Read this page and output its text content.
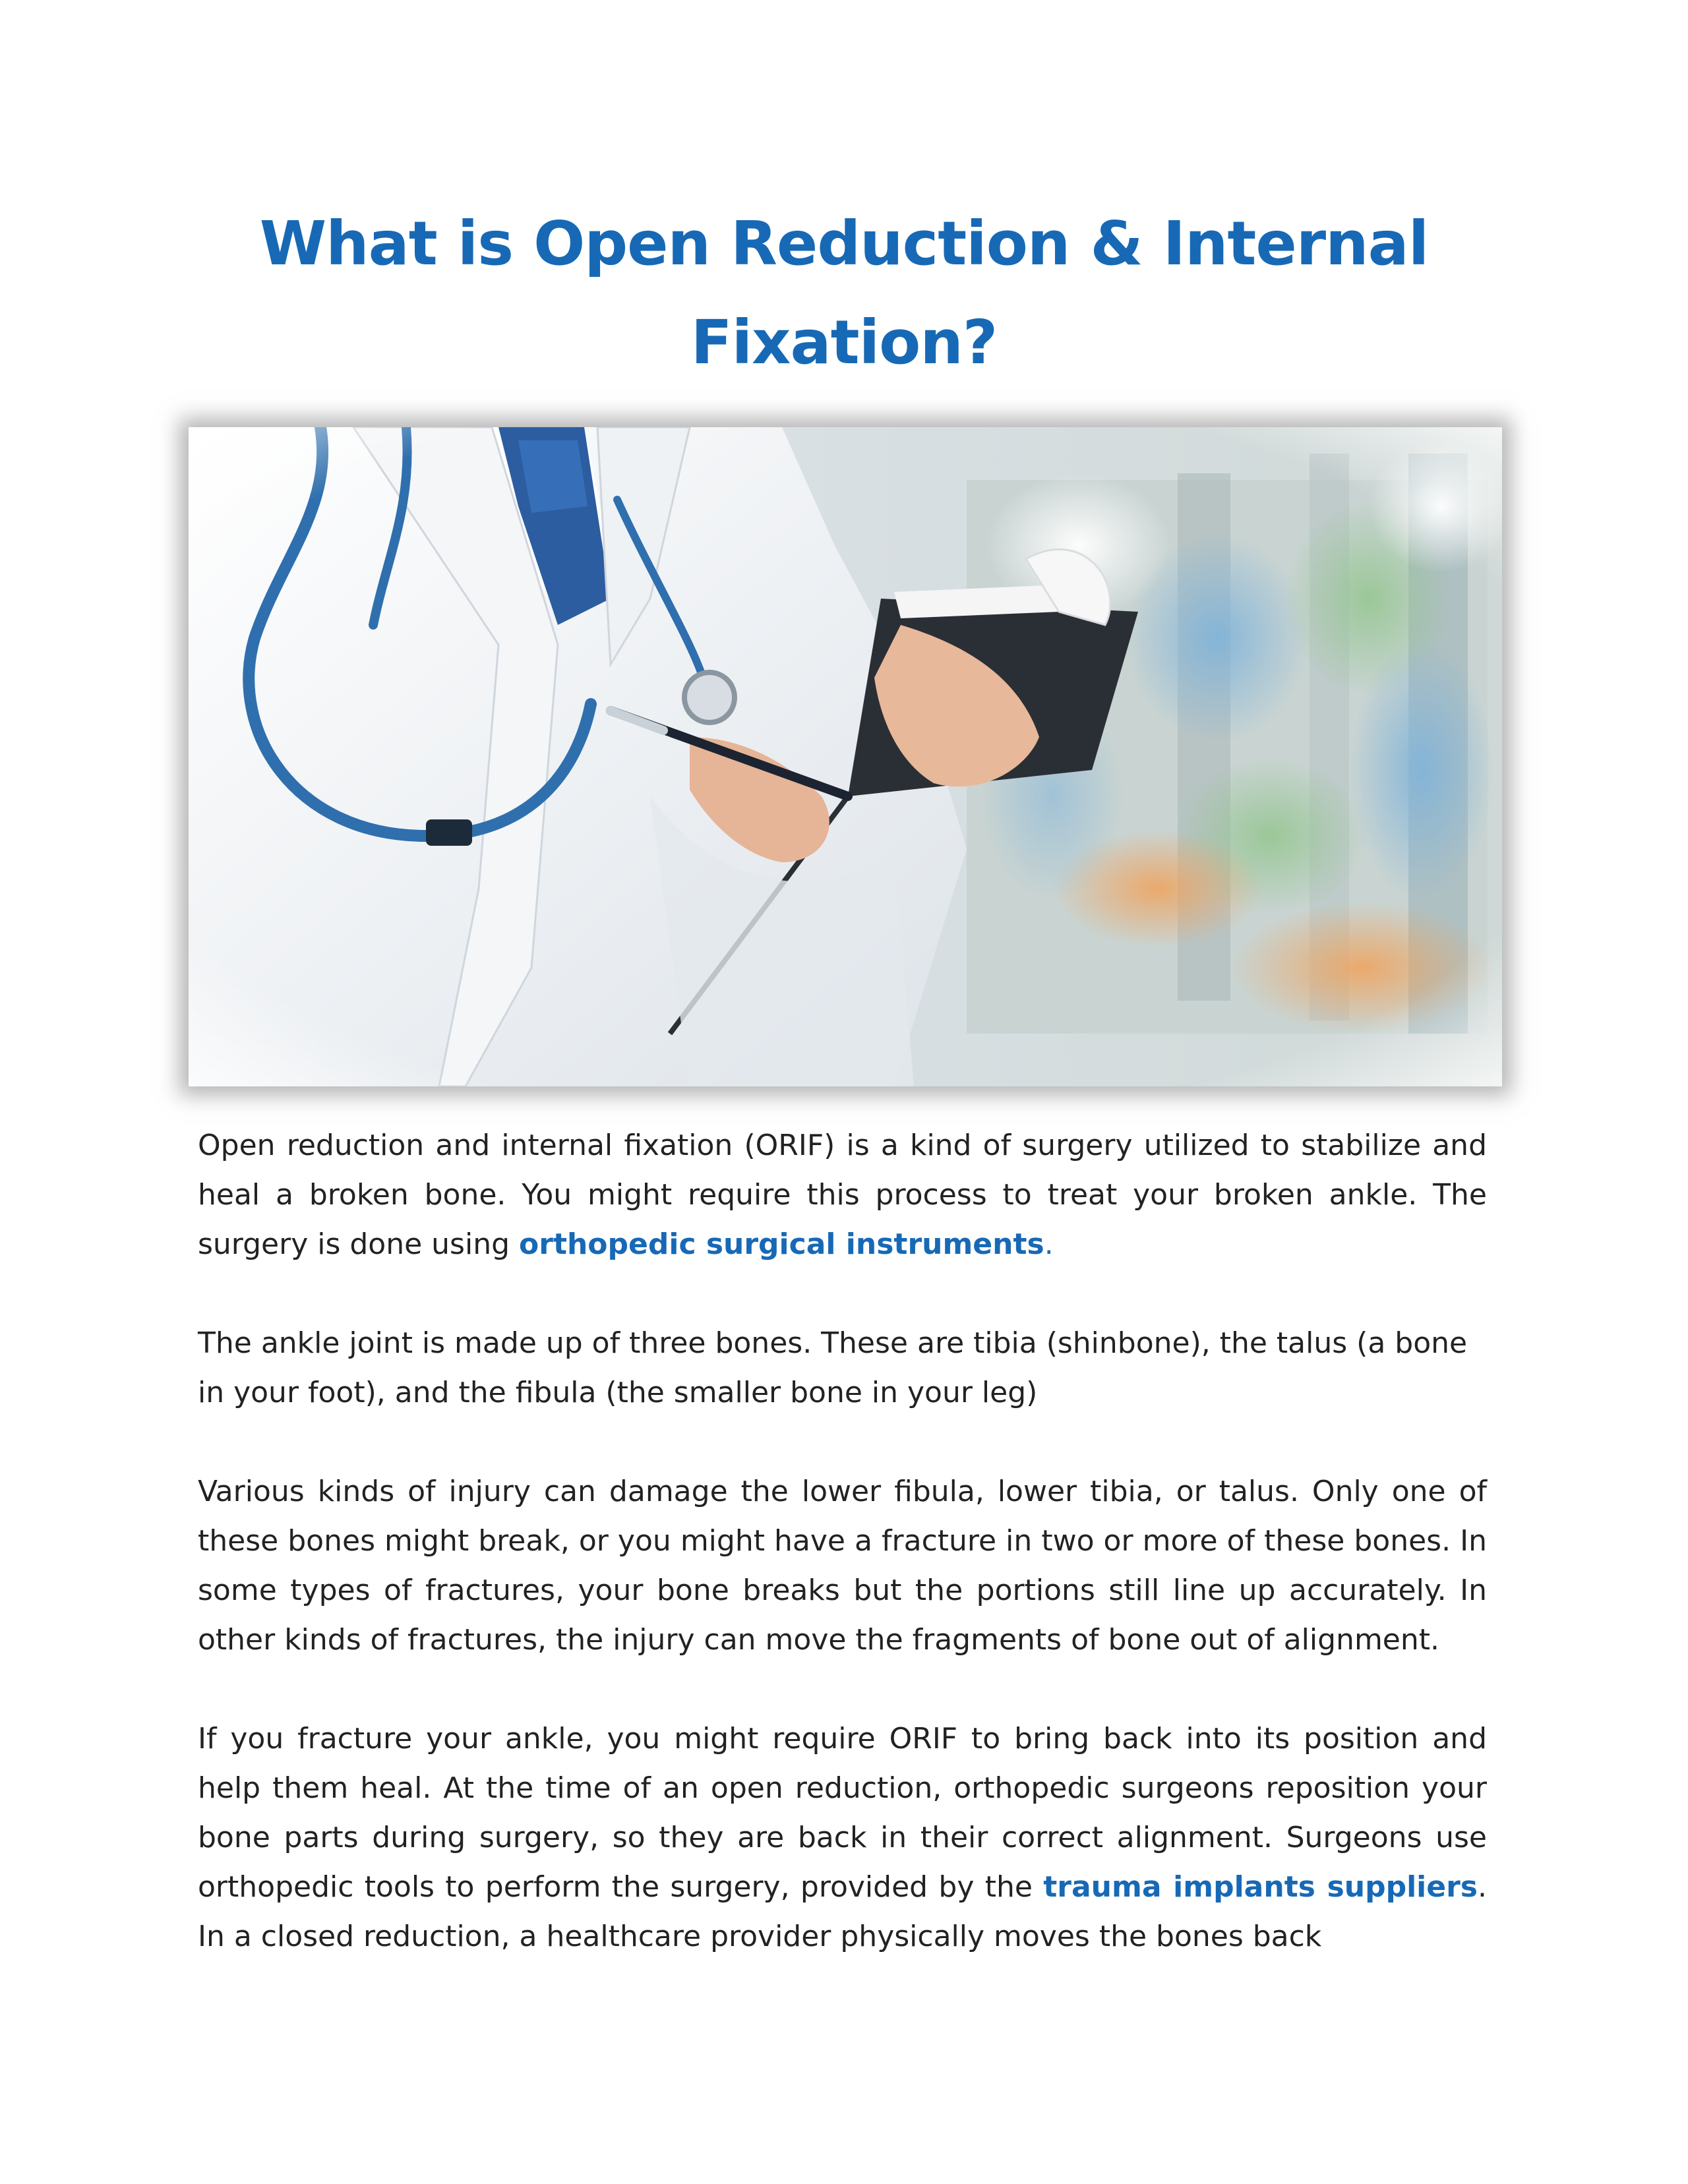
What is Open Reduction & Internal
Fixation?

Open reduction and internal fixation (ORIF) is a kind of surgery utilized to stabilize and heal a broken bone. You might require this process to treat your broken ankle. The surgery is done using orthopedic surgical instruments.

The ankle joint is made up of three bones. These are tibia (shinbone), the talus (a bone in your foot), and the fibula (the smaller bone in your leg)

Various kinds of injury can damage the lower fibula, lower tibia, or talus. Only one of these bones might break, or you might have a fracture in two or more of these bones. In some types of fractures, your bone breaks but the portions still line up accurately. In other kinds of fractures, the injury can move the fragments of bone out of alignment.

If you fracture your ankle, you might require ORIF to bring back into its position and help them heal. At the time of an open reduction, orthopedic surgeons reposition your bone parts during surgery, so they are back in their correct alignment. Surgeons use orthopedic tools to perform the surgery, provided by the trauma implants suppliers. In a closed reduction, a healthcare provider physically moves the bones back
